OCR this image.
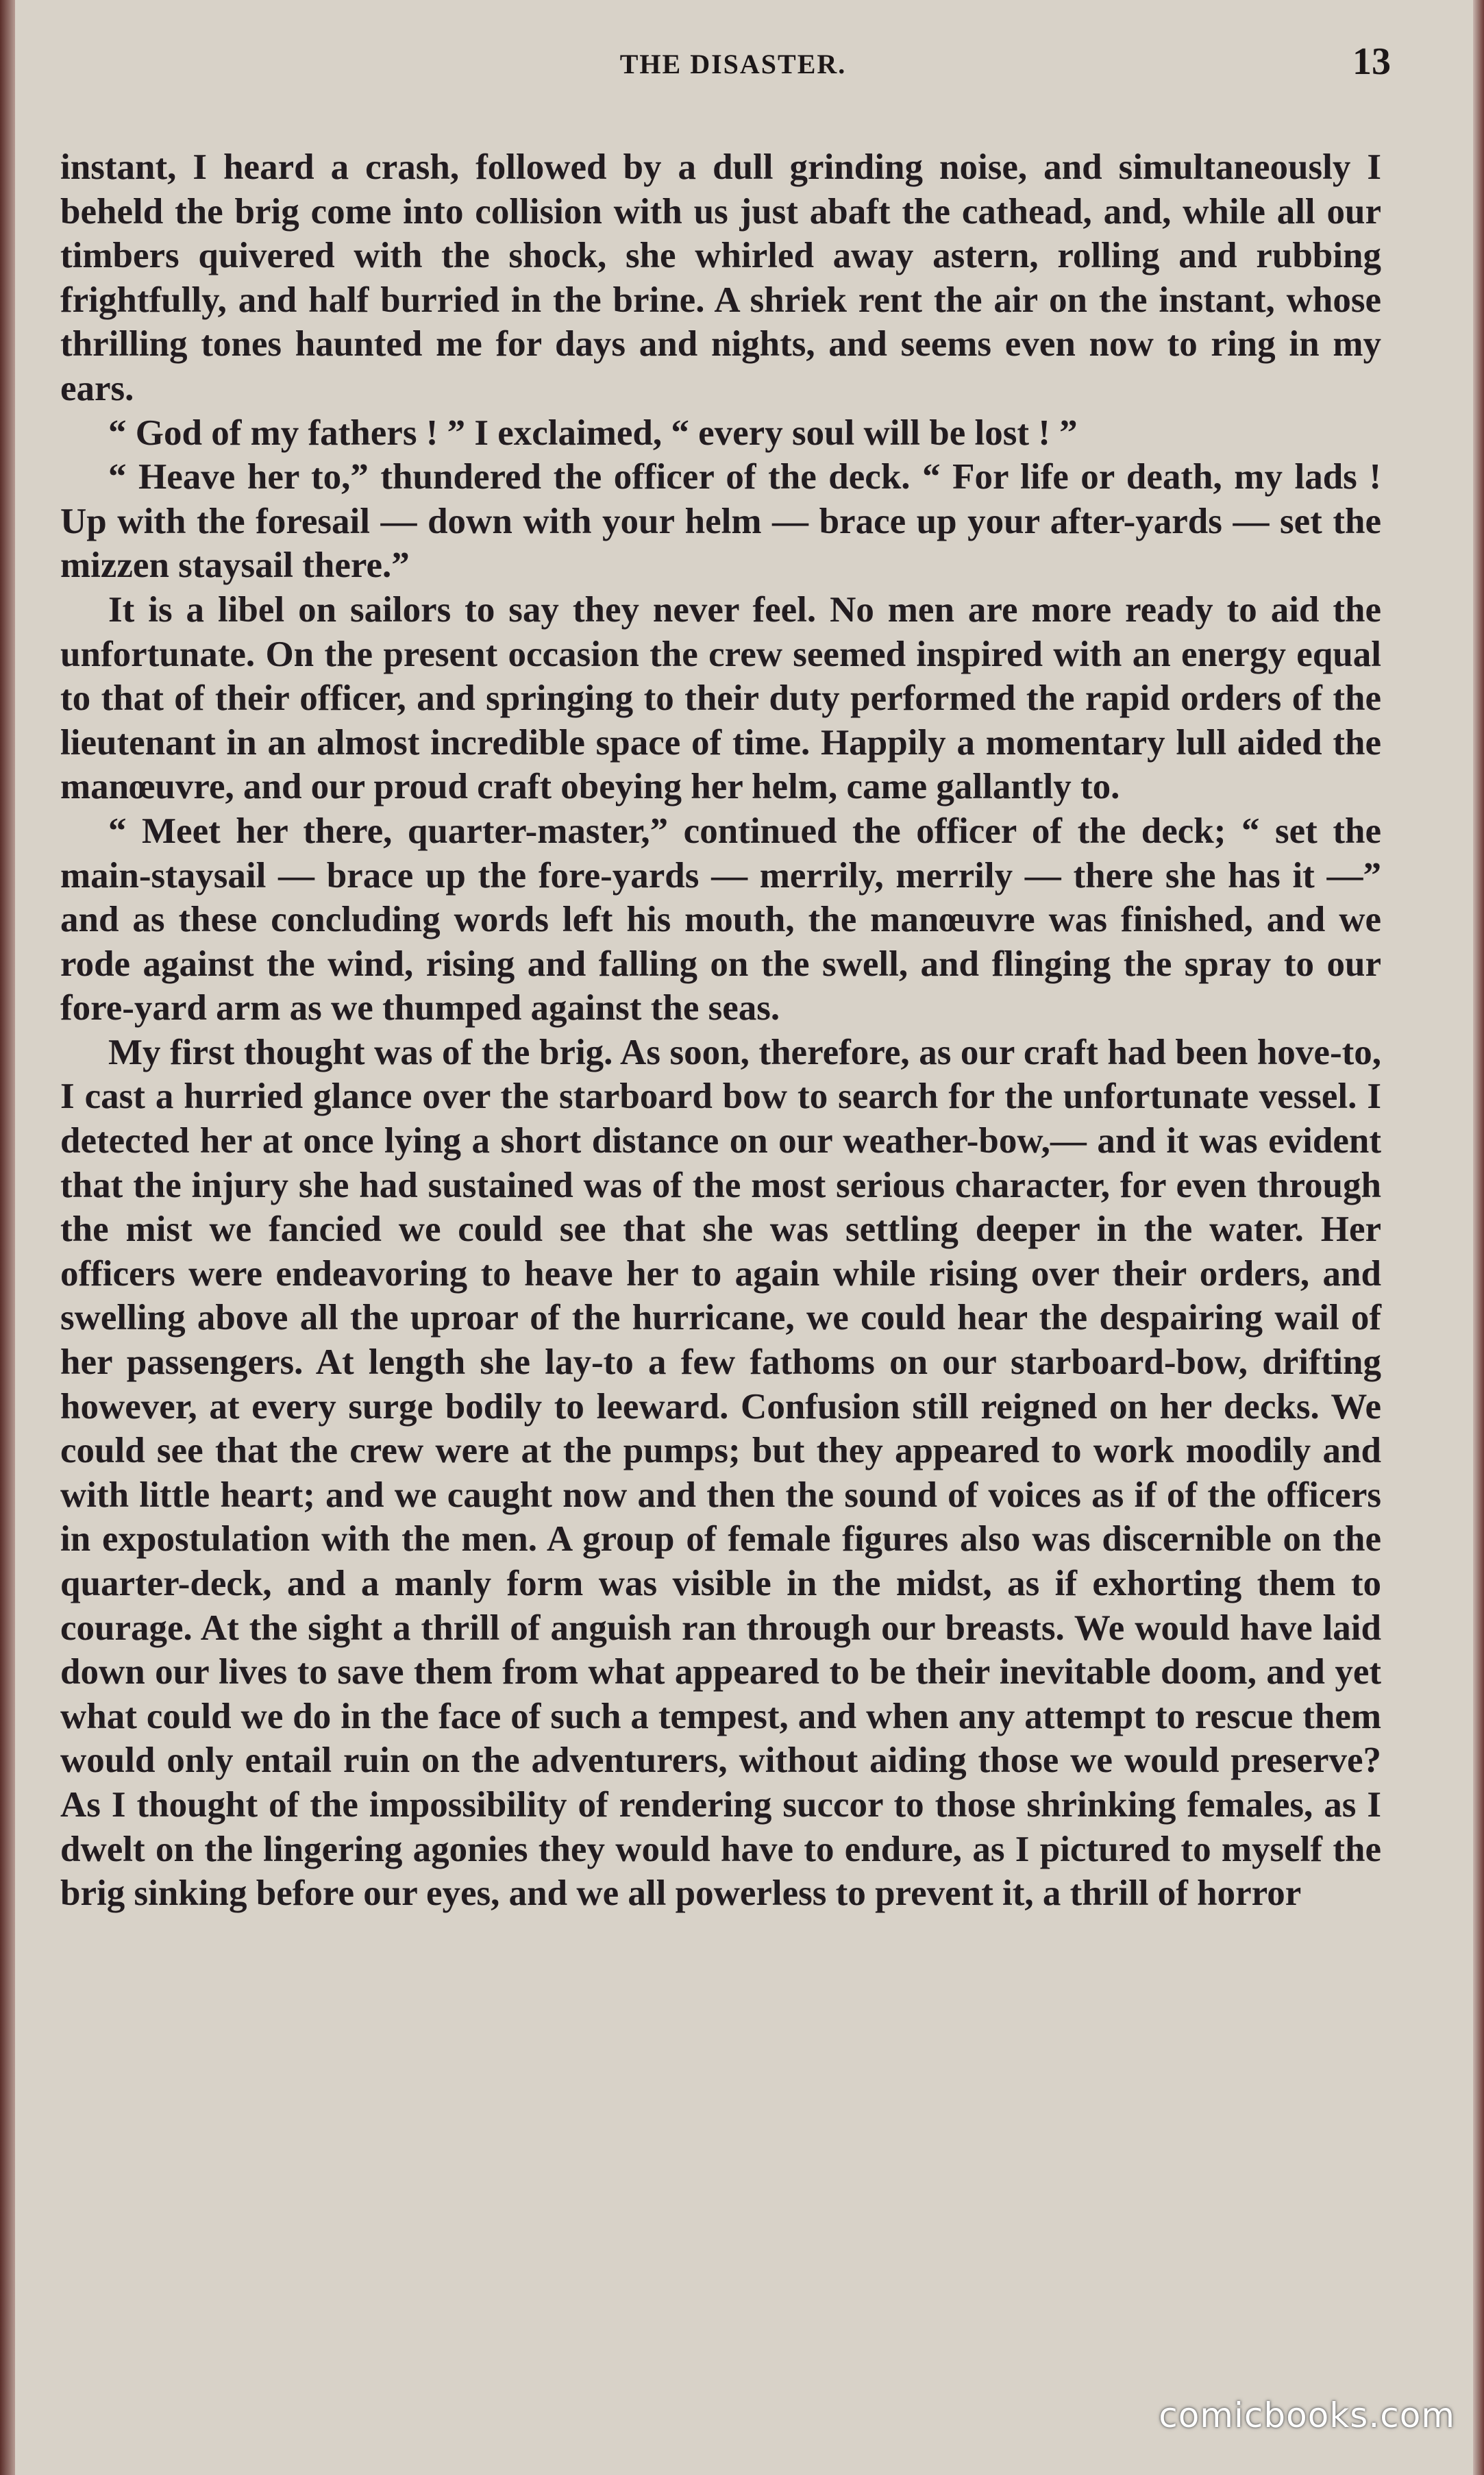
THE DISASTER.	13

instant, I heard a crash, followed by a dull grinding noise, and simultaneously I beheld the brig come into collision with us just abaft the cathead, and, while all our timbers quivered with the shock, she whirled away astern, rolling and rubbing frightfully, and half burried in the brine. A shriek rent the air on the instant, whose thrilling tones haunted me for days and nights, and seems even now to ring in my ears.

“ God of my fathers ! ” I exclaimed, “ every soul will be lost ! ”

“ Heave her to,” thundered the officer of the deck. “ For life or death, my lads ! Up with the foresail — down with your helm — brace up your after-yards — set the mizzen staysail there.”

It is a libel on sailors to say they never feel. No men are more ready to aid the unfortunate. On the present occasion the crew seemed inspired with an energy equal to that of their officer, and springing to their duty performed the rapid orders of the lieutenant in an almost incredible space of time. Happily a momentary lull aided the manœuvre, and our proud craft obeying her helm, came gallantly to.

“ Meet her there, quarter-master,” continued the officer of the deck; “ set the main-staysail — brace up the fore-yards — merrily, merrily — there she has it —” and as these concluding words left his mouth, the manœuvre was finished, and we rode against the wind, rising and falling on the swell, and flinging the spray to our fore-yard arm as we thumped against the seas.

My first thought was of the brig. As soon, therefore, as our craft had been hove-to, I cast a hurried glance over the starboard bow to search for the unfortunate vessel. I detected her at once lying a short distance on our weather-bow,— and it was evident that the injury she had sustained was of the most serious character, for even through the mist we fancied we could see that she was settling deeper in the water. Her officers were endeavoring to heave her to again while rising over their orders, and swelling above all the uproar of the hurricane, we could hear the despairing wail of her passengers. At length she lay-to a few fathoms on our starboard-bow, drifting however, at every surge bodily to leeward. Confusion still reigned on her decks. We could see that the crew were at the pumps; but they appeared to work moodily and with little heart; and we caught now and then the sound of voices as if of the officers in expostulation with the men. A group of female figures also was discernible on the quarter-deck, and a manly form was visible in the midst, as if exhorting them to courage. At the sight a thrill of anguish ran through our breasts. We would have laid down our lives to save them from what appeared to be their inevitable doom, and yet what could we do in the face of such a tempest, and when any attempt to rescue them would only entail ruin on the adventurers, without aiding those we would preserve? As I thought of the impossibility of rendering succor to those shrinking females, as I dwelt on the lingering agonies they would have to endure, as I pictured to myself the brig sinking before our eyes, and we all powerless to prevent it, a thrill of horror

comicbooks.com
